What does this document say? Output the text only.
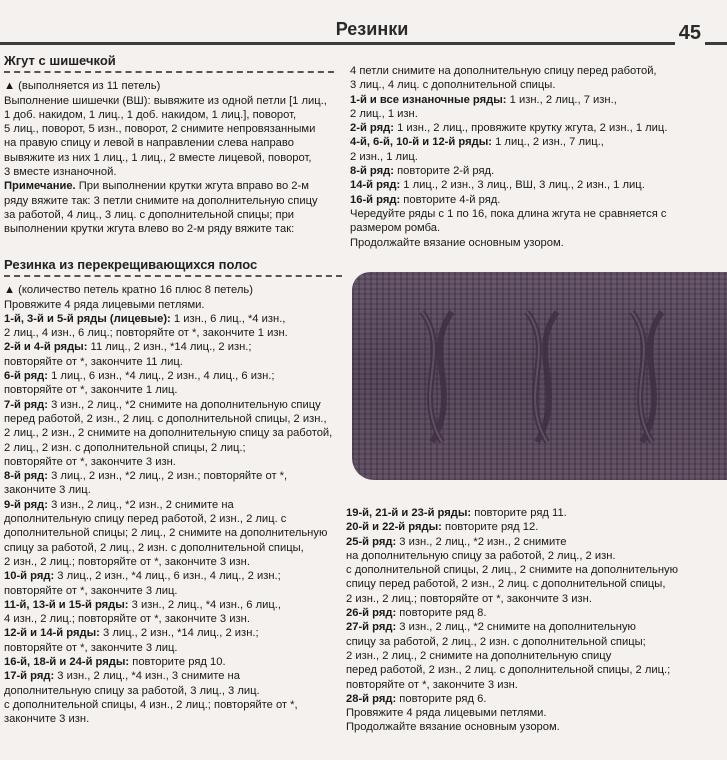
Резинки	45
Жгут с шишечкой

▲ (выполняется из 11 петель)

Выполнение шишечки (ВШ): вывяжите из одной петли [1 лиц.,

1 доб. накидом, 1 лиц., 1 доб. накидом, 1 лиц.], поворот,

5 лиц., поворот, 5 изн., поворот, 2 снимите непровязанными

на правую спицу и левой в направлении слева направо

вывяжите из них 1 лиц., 1 лиц., 2 вместе лицевой, поворот,

3 вместе изнаночной.

Примечание. При выполнении крутки жгута вправо во 2-м
ряду вяжите так: 3 петли снимите на дополнительную спицу
за работой, 4 лиц., 3 лиц. с дополнительной спицы; при
выполнении крутки жгута влево во 2-м ряду вяжите так:

4 петли снимите на дополнительную спицу перед работой,

3 лиц., 4 лиц. с дополнительной спицы.

1-й и все изнаночные ряды: 1 изн., 2 лиц., 7 изн.,

2 лиц., 1 изн.

2-й ряд: 1 изн., 2 лиц., провяжите крутку жгута, 2 изн., 1 лиц.

4-й, 6-й, 10-й и 12-й ряды: 1 лиц., 2 изн., 7 лиц.,

2 изн., 1 лиц.

8-й ряд: повторите 2-й ряд.

14-й ряд: 1 лиц., 2 изн., 3 лиц., ВШ, 3 лиц., 2 изн., 1 лиц.

16-й ряд: повторите 4-й ряд.

Чередуйте ряды с 1 по 16, пока длина жгута не сравняется с

размером ромба.

Продолжайте вязание основным узором.

Резинка из перекрещивающихся полос

▲ (количество петель кратно 16 плюс 8 петель)

Провяжите 4 ряда лицевыми петлями.

1-й, 3-й и 5-й ряды (лицевые): 1 изн., 6 лиц., *4 изн.,

2 лиц., 4 изн., 6 лиц.; повторяйте от *, закончите 1 изн.

2-й и 4-й ряды: 11 лиц., 2 изн., *14 лиц., 2 изн.;

повторяйте от *, закончите 11 лиц.

6-й ряд: 1 лиц., 6 изн., *4 лиц., 2 изн., 4 лиц., 6 изн.;

повторяйте от *, закончите 1 лиц.

7-й ряд: 3 изн., 2 лиц., *2 снимите на дополнительную спицу

перед работой, 2 изн., 2 лиц. с дополнительной спицы, 2 изн.,

2 лиц., 2 изн., 2 снимите на дополнительную спицу за работой,

2 лиц., 2 изн. с дополнительной спицы, 2 лиц.;

повторяйте от *, закончите 3 изн.

8-й ряд: 3 лиц., 2 изн., *2 лиц., 2 изн.; повторяйте от *,

закончите 3 лиц.

9-й ряд: 3 изн., 2 лиц., *2 изн., 2 снимите на

дополнительную спицу перед работой, 2 изн., 2 лиц. с

дополнительной спицы; 2 лиц., 2 снимите на дополнительную

спицу за работой, 2 лиц., 2 изн. с дополнительной спицы,

2 изн., 2 лиц.; повторяйте от *, закончите 3 изн.

10-й ряд: 3 лиц., 2 изн., *4 лиц., 6 изн., 4 лиц., 2 изн.;

повторяйте от *, закончите 3 лиц.

11-й, 13-й и 15-й ряды: 3 изн., 2 лиц., *4 изн., 6 лиц.,

4 изн., 2 лиц.; повторяйте от *, закончите 3 изн.

12-й и 14-й ряды: 3 лиц., 2 изн., *14 лиц., 2 изн.;

повторяйте от *, закончите 3 лиц.

16-й, 18-й и 24-й ряды: повторите ряд 10.

17-й ряд: 3 изн., 2 лиц., *4 изн., 3 снимите на

дополнительную спицу за работой, 3 лиц., 3 лиц.

с дополнительной спицы, 4 изн., 2 лиц.; повторяйте от *,

закончите 3 изн.

19-й, 21-й и 23-й ряды: повторите ряд 11.

20-й и 22-й ряды: повторите ряд 12.

25-й ряд: 3 изн., 2 лиц., *2 изн., 2 снимите

на дополнительную спицу за работой, 2 лиц., 2 изн.

с дополнительной спицы, 2 лиц., 2 снимите на дополнительную

спицу перед работой, 2 изн., 2 лиц. с дополнительной спицы,

2 изн., 2 лиц.; повторяйте от *, закончите 3 изн.

26-й ряд: повторите ряд 8.

27-й ряд: 3 изн., 2 лиц., *2 снимите на дополнительную

спицу за работой, 2 лиц., 2 изн. с дополнительной спицы;

2 изн., 2 лиц., 2 снимите на дополнительную спицу

перед работой, 2 изн., 2 лиц. с дополнительной спицы, 2 лиц.;

повторяйте от *, закончите 3 изн.

28-й ряд: повторите ряд 6.

Провяжите 4 ряда лицевыми петлями.

Продолжайте вязание основным узором.
